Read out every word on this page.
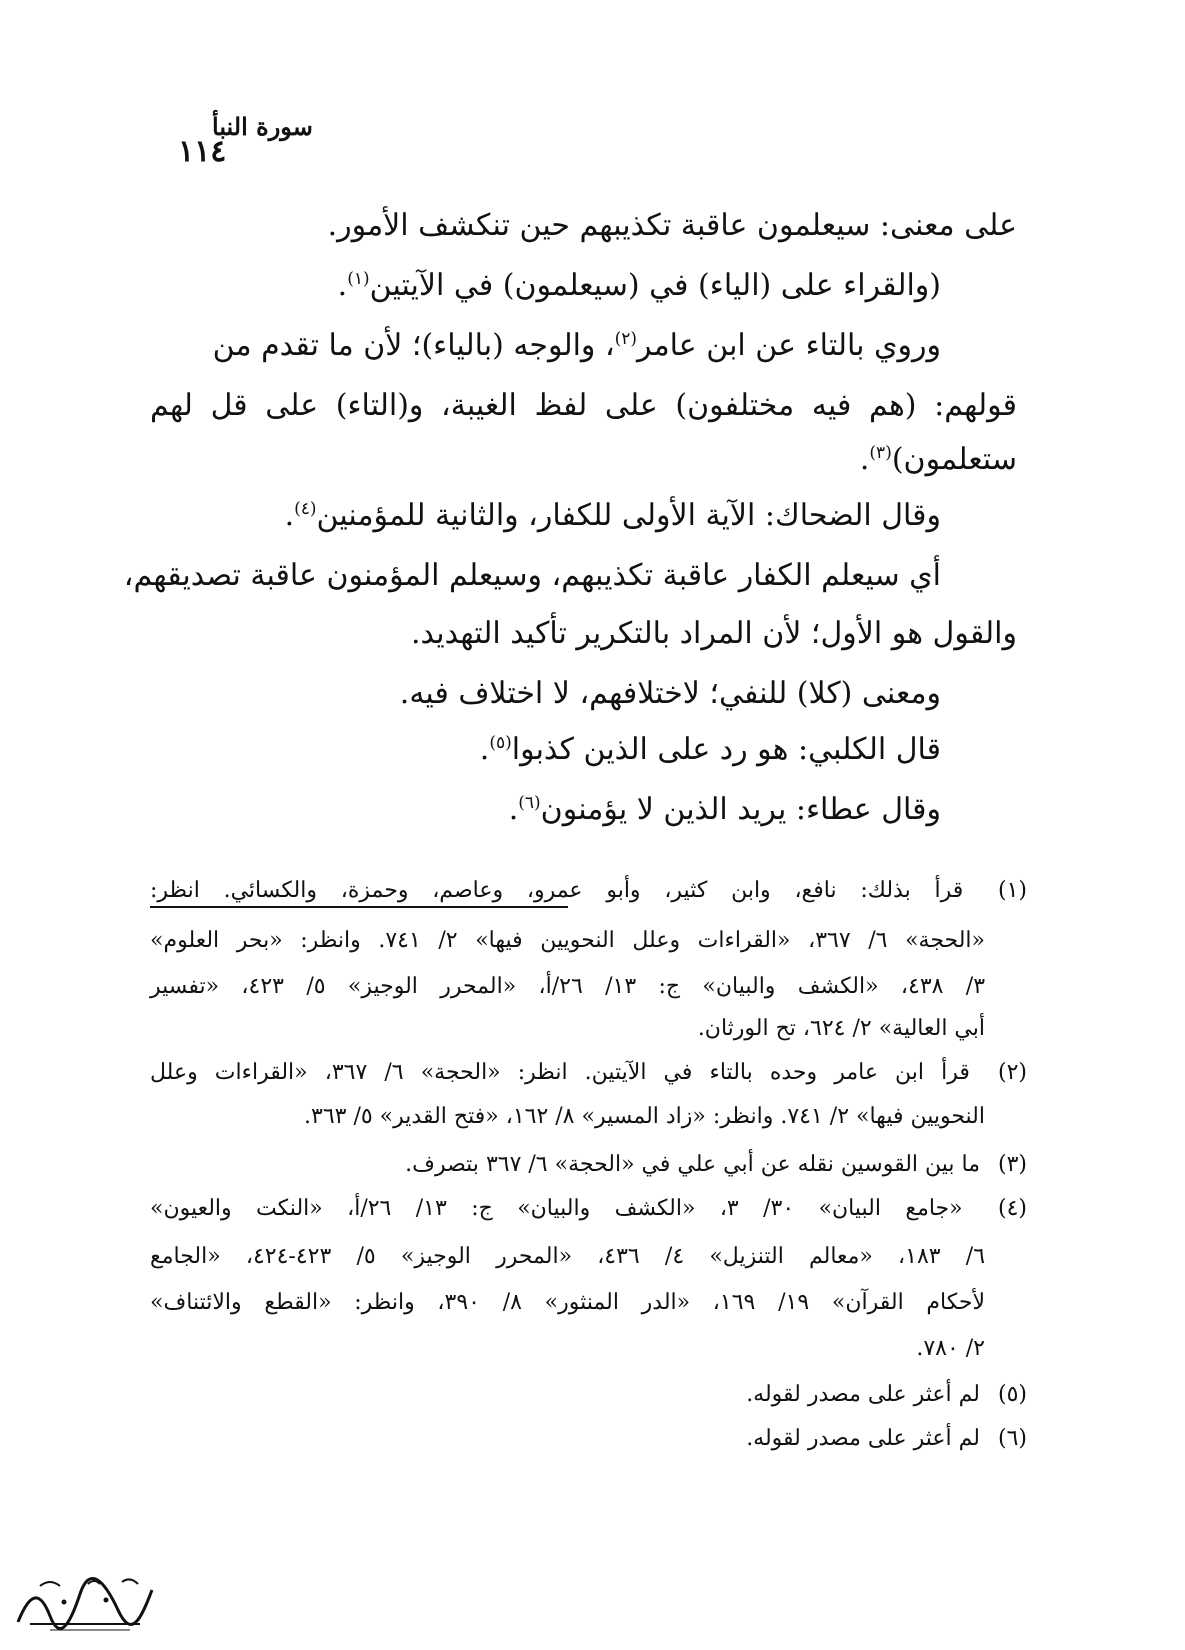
١١٤
سورة النبأ
على معنى: سيعلمون عاقبة تكذيبهم حين تنكشف الأمور.
(والقراء على (الياء) في (سيعلمون) في الآيتين$^{(١)}$.
وروي بالتاء عن ابن عامر$^{(٢)}$، والوجه (بالياء)؛ لأن ما تقدم من
قولهم: (هم فيه مختلفون) على لفظ الغيبة، و(التاء) على قل لهم
ستعلمون)$^{(٣)}$.
وقال الضحاك: الآية الأولى للكفار، والثانية للمؤمنين$^{(٤)}$.
أي سيعلم الكفار عاقبة تكذيبهم، وسيعلم المؤمنون عاقبة تصديقهم،
والقول هو الأول؛ لأن المراد بالتكرير تأكيد التهديد.
ومعنى (كلا) للنفي؛ لاختلافهم، لا اختلاف فيه.
قال الكلبي: هو رد على الذين كذبوا$^{(٥)}$.
وقال عطاء: يريد الذين لا يؤمنون$^{(٦)}$.
(١) قرأ بذلك: نافع، وابن كثير، وأبو عمرو، وعاصم، وحمزة، والكسائي. انظر:
«الحجة» ٦/ ٣٦٧، «القراءات وعلل النحويين فيها» ٢/ ٧٤١. وانظر: «بحر العلوم»
٣/ ٤٣٨، «الكشف والبيان» ج: ١٣/ ٢٦/أ، «المحرر الوجيز» ٥/ ٤٢٣، «تفسير
أبي العالية» ٢/ ٦٢٤، تح الورثان.
(٢) قرأ ابن عامر وحده بالتاء في الآيتين. انظر: «الحجة» ٦/ ٣٦٧، «القراءات وعلل
النحويين فيها» ٢/ ٧٤١. وانظر: «زاد المسير» ٨/ ١٦٢، «فتح القدير» ٥/ ٣٦٣.
(٣) ما بين القوسين نقله عن أبي علي في «الحجة» ٦/ ٣٦٧ بتصرف.
(٤) «جامع البيان» ٣٠/ ٣، «الكشف والبيان» ج: ١٣/ ٢٦/أ، «النكت والعيون»
٦/ ١٨٣، «معالم التنزيل» ٤/ ٤٣٦، «المحرر الوجيز» ٥/ ٤٢٣-٤٢٤، «الجامع
لأحكام القرآن» ١٩/ ١٦٩، «الدر المنثور» ٨/ ٣٩٠، وانظر: «القطع والائتناف»
٢/ ٧٨٠.
(٥) لم أعثر على مصدر لقوله.
(٦) لم أعثر على مصدر لقوله.
